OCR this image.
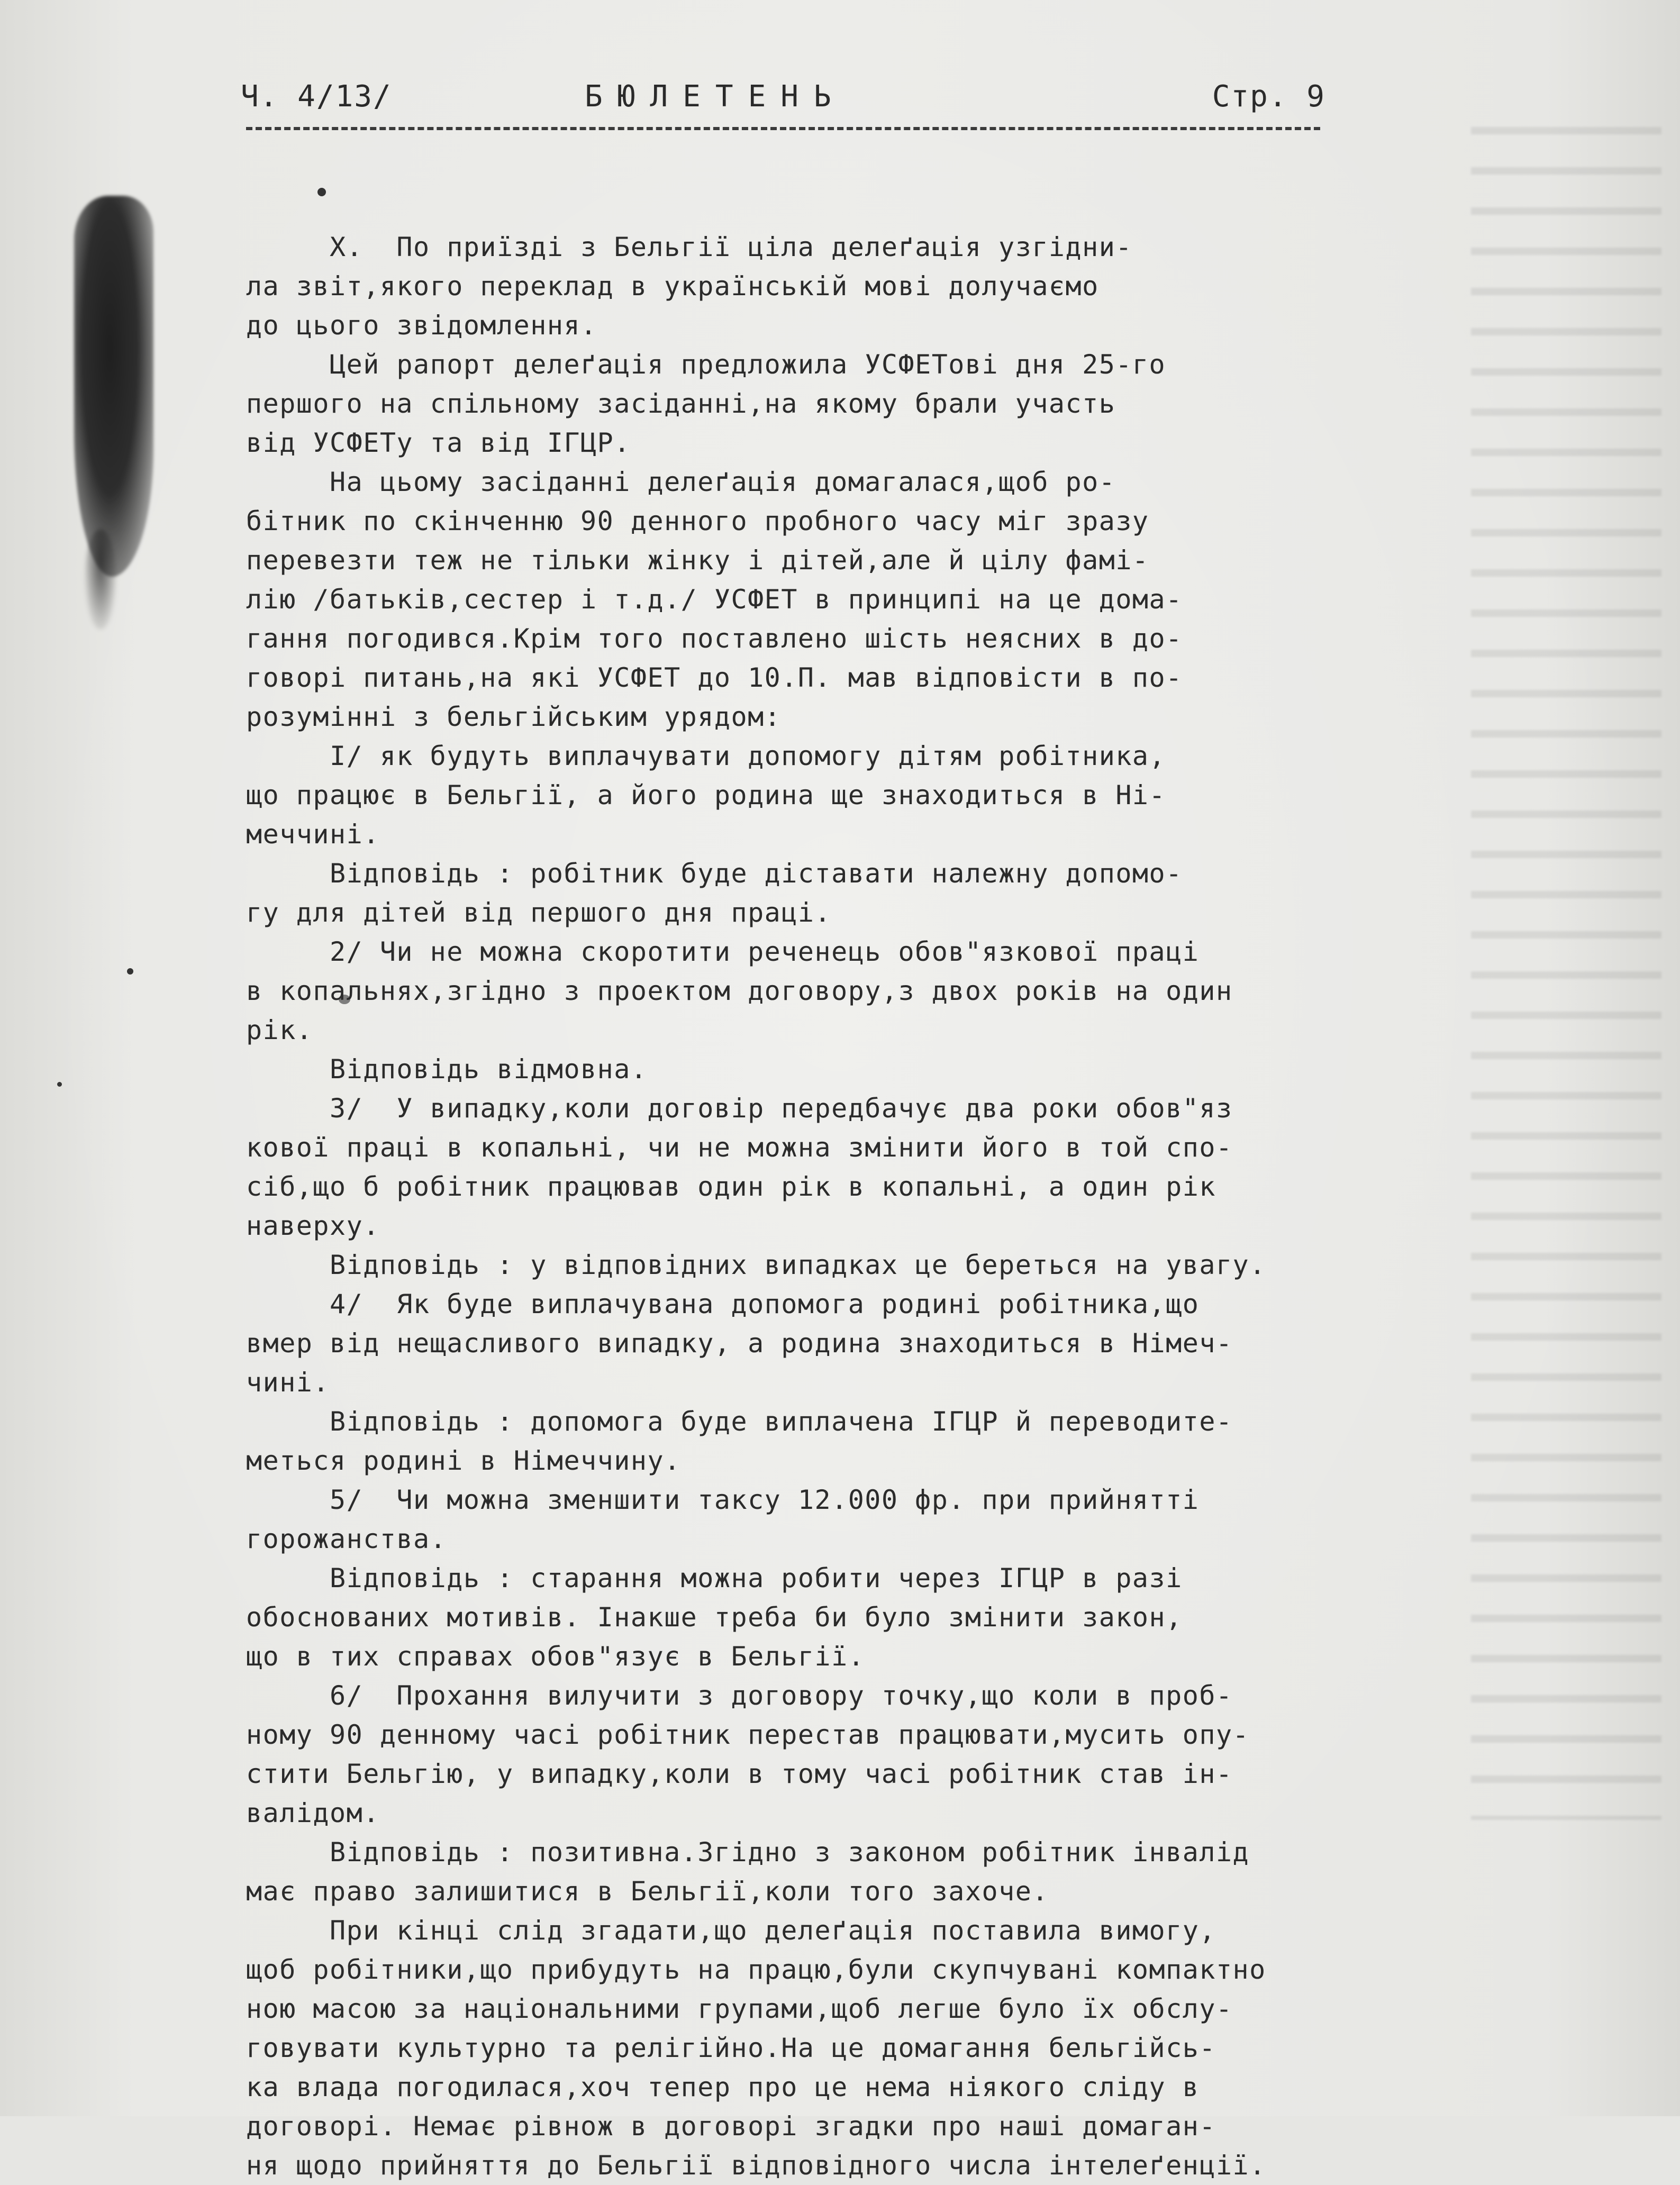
Ч. 4/13/	БЮЛЕТЕНЬ	Стр. 9
Х.  По приїзді з Бельгії ціла делеґація узгідни-
ла звіт,якого переклад в українській мові долучаємо
до цього звідомлення.
Цей рапорт делеґація предложила УСФЕТові дня 25-го
першого на спільному засіданні,на якому брали участь
від УСФЕТу та від ІГЦР.
На цьому засіданні делеґація домагалася,щоб ро-
бітник по скінченню 90 денного пробного часу міг зразу
перевезти теж не тільки жінку і дітей,але й цілу фамі-
лію /батьків,сестер і т.д./ УСФЕТ в принципі на це дома-
гання погодився.Крім того поставлено шість неясних в до-
говорі питань,на які УСФЕТ до 10.П. мав відповісти в по-
розумінні з бельгійським урядом:
І/ як будуть виплачувати допомогу дітям робітника,
що працює в Бельгії, а його родина ще знаходиться в Ні-
меччині.
Відповідь : робітник буде діставати належну допомо-
гу для дітей від першого дня праці.
2/ Чи не можна скоротити реченець обов"язкової праці
в копальнях,згідно з проектом договору,з двох років на один
рік.
Відповідь відмовна.
3/  У випадку,коли договір передбачує два роки обов"яз
кової праці в копальні, чи не можна змінити його в той спо-
сіб,що б робітник працював один рік в копальні, а один рік
наверху.
Відповідь : у відповідних випадках це береться на увагу.
4/  Як буде виплачувана допомога родині робітника,що
вмер від нещасливого випадку, а родина знаходиться в Німеч-
чині.
Відповідь : допомога буде виплачена ІГЦР й переводите-
меться родині в Німеччину.
5/  Чи можна зменшити таксу 12.000 фр. при прийнятті
горожанства.
Відповідь : старання можна робити через ІГЦР в разі
обоснованих мотивів. Інакше треба би було змінити закон,
що в тих справах обов"язує в Бельгії.
6/  Прохання вилучити з договору точку,що коли в проб-
ному 90 денному часі робітник перестав працювати,мусить опу-
стити Бельгію, у випадку,коли в тому часі робітник став ін-
валідом.
Відповідь : позитивна.Згідно з законом робітник інвалід
має право залишитися в Бельгії,коли того захоче.
При кінці слід згадати,що делеґація поставила вимогу,
щоб робітники,що прибудуть на працю,були скупчувані компактно
ною масою за національними групами,щоб легше було їх обслу-
говувати культурно та релігійно.На це домагання бельгійсь-
ка влада погодилася,хоч тепер про це нема ніякого сліду в
договорі. Немає рівнож в договорі згадки про наші домаган-
ня щодо прийняття до Бельгії відповідного числа інтелеґенції.
